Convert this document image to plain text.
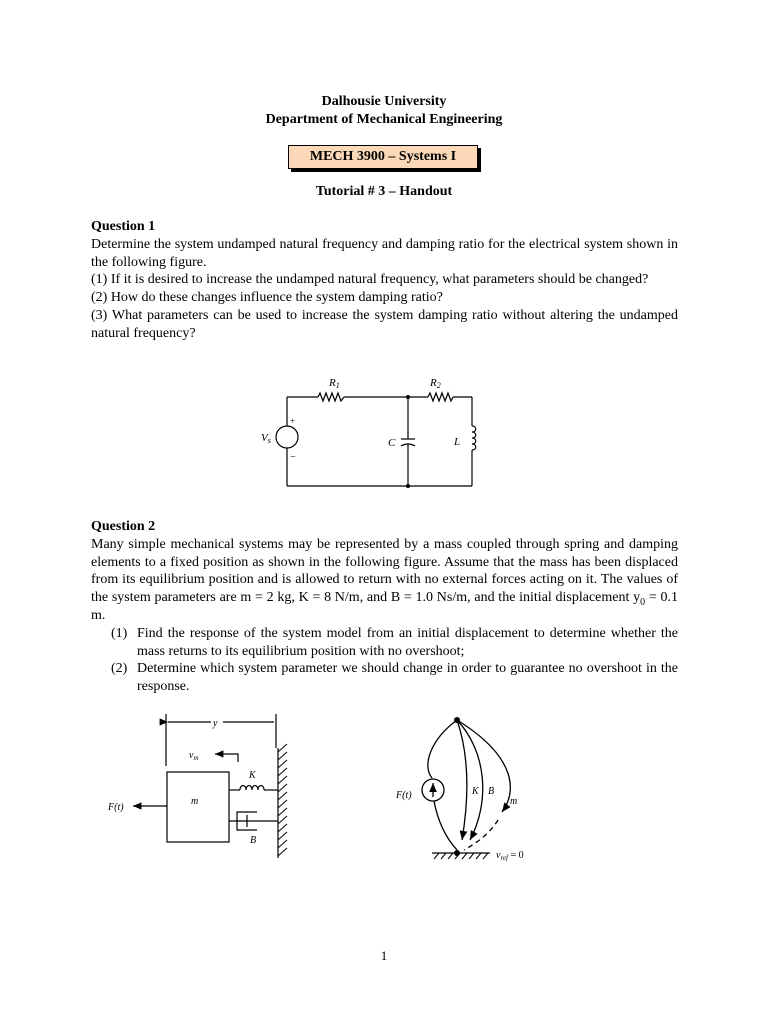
Dalhousie University
Department of Mechanical Engineering
MECH 3900 – Systems I
Tutorial # 3 – Handout

Question 1

Determine the system undamped natural frequency and damping ratio for the electrical system shown in the following figure.

(1) If it is desired to increase the undamped natural frequency, what parameters should be changed?

(2) How do these changes influence the system damping ratio?

(3) What parameters can be used to increase the system damping ratio without altering the undamped natural frequency?

R1	R2
Vs
+
−
C	L

Question 2

Many simple mechanical systems may be represented by a mass coupled through spring and damping elements to a fixed position as shown in the following figure. Assume that the mass has been displaced from its equilibrium position and is allowed to return with no external forces acting on it. The values of the system parameters are m = 2 kg, K = 8 N/m, and B = 1.0 Ns/m, and the initial displacement $y_0 = 0.1$ m.

(1) Find the response of the system model from an initial displacement to determine whether the mass returns to its equilibrium position with no overshoot;
(2) Determine which system parameter we should change in order to guarantee no overshoot in the response.
y
$v_m$
K
m
B
F(t)
F(t)	K B
m
$v_{ref} = 0$
1
